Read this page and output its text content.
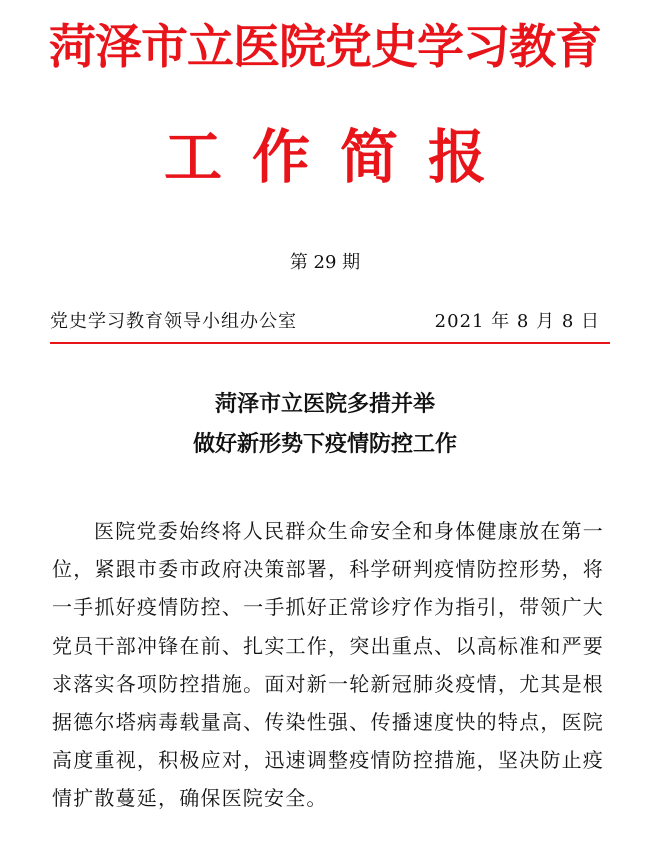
菏泽市立医院党史学习教育
工作简报
第 29 期
党史学习教育领导小组办公室	2021 年 8 月 8 日
菏泽市立医院多措并举
做好新形势下疫情防控工作
医院党委始终将人民群众生命安全和身体健康放在第一位，紧跟市委市政府决策部署，科学研判疫情防控形势，将一手抓好疫情防控、一手抓好正常诊疗作为指引，带领广大党员干部冲锋在前、扎实工作，突出重点、以高标准和严要求落实各项防控措施。面对新一轮新冠肺炎疫情，尤其是根据德尔塔病毒载量高、传染性强、传播速度快的特点，医院高度重视，积极应对，迅速调整疫情防控措施，坚决防止疫情扩散蔓延，确保医院安全。
